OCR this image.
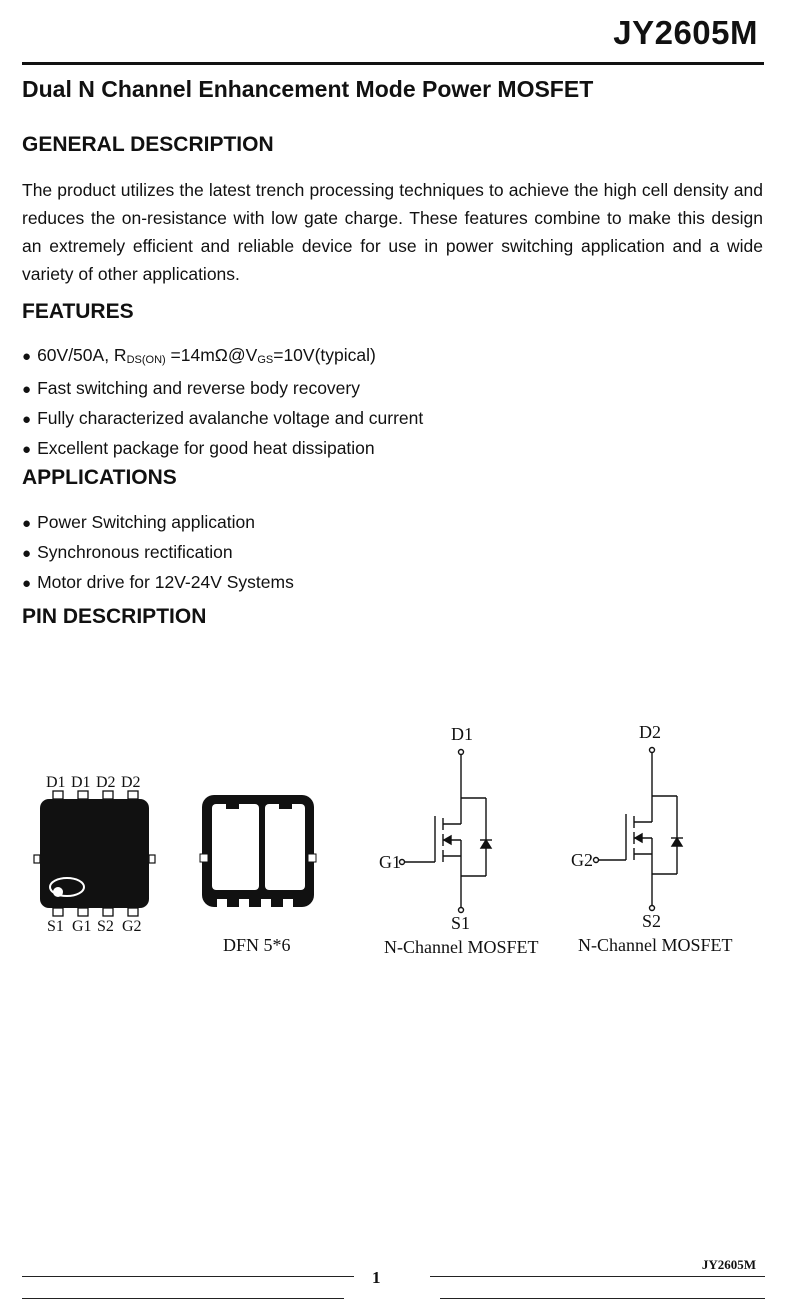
JY2605M
Dual N Channel Enhancement Mode Power MOSFET
GENERAL DESCRIPTION
The product utilizes the latest trench processing techniques to achieve the high cell density and reduces the on-resistance with low gate charge. These features combine to make this design an extremely efficient and reliable device for use in power switching application and a wide variety of other applications.
FEATURES
● 60V/50A, $R_{DS(ON)}$ $=14m\Omega@V_{GS}=10V(typical)$
● Fast switching and reverse body recovery
● Fully characterized avalanche voltage and current
● Excellent package for good heat dissipation
APPLICATIONS
● Power Switching application
● Synchronous rectification
● Motor drive for 12V-24V Systems
PIN DESCRIPTION
D1 D1 D2 D2
S1 G1 S2 G2
DFN 5*6
D1
G1
S1
N-Channel MOSFET
D2
G2
S2
N-Channel MOSFET
JY2605M
1
